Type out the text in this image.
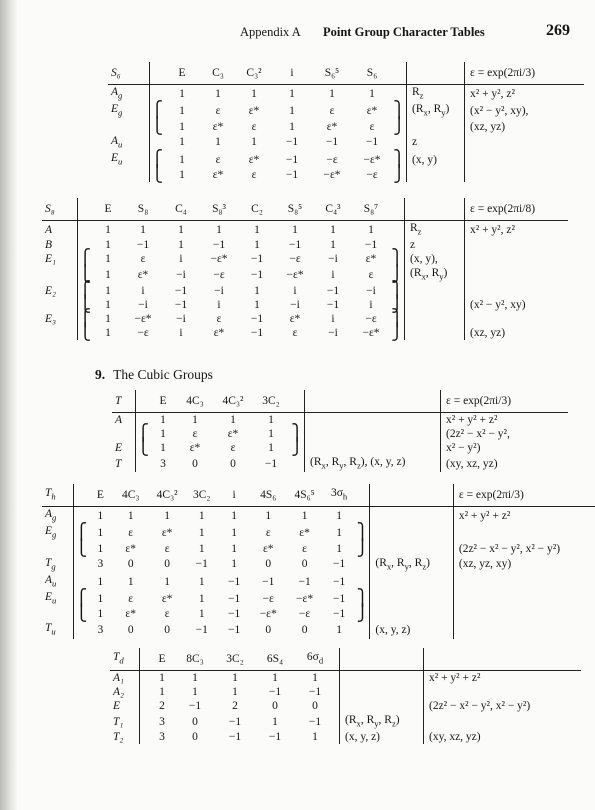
Appendix A Point Group Character Tables	269
S₆		E	C₃	C₃²	i	S₆⁵	S₆			ε = exp(2πi/3)
$A_g$		1	1	1	1	1	1		$R_z$	x² + y², z²
$E_g$	⎧	1	ε	ε*	1	ε	ε*	⎫	($R_x$, $R_y$)	(x² − y², xy),
	⎩	1	ε*	ε	1	ε*	ε	⎭		(xz, yz)
$A_u$		1	1	1	−1	−1	−1		z	
$E_u$	⎧	1	ε	ε*	−1	−ε	−ε*	⎫	(x, y)	
	⎩	1	ε*	ε	−1	−ε*	−ε	⎭		
S₈		E	S₈	C₄	S₈³	C₂	S₈⁵	C₄³	S₈⁷			ε = exp(2πi/8)
A		1	1	1	1	1	1	1	1		$R_z$	x² + y², z²
B		1	−1	1	−1	1	−1	1	−1		z	
E₁	⎧	1	ε	i	−ε*	−1	−ε	−i	ε*	⎫	(x, y),	
	⎩	1	ε*	−i	−ε	−1	−ε*	i	ε	⎭	($R_x$, $R_y$)	
E₂	⎧	1	i	−1	−i	1	i	−1	−i	⎫		
	⎩	1	−i	−1	i	1	−i	−1	i	⎭		(x² − y², xy)
E₃	⎧	1	−ε*	−i	ε	−1	ε*	i	−ε	⎫		
	⎩	1	−ε	i	ε*	−1	ε	−i	−ε*	⎭		(xz, yz)
9. The Cubic Groups
T		E	4C₃	4C₃²	3C₂			ε = exp(2πi/3)
A		1	1	1	1			x² + y² + z²
	⎧	1	ε	ε*	1	⎫		(2z² − x² − y²,
E	⎩	1	ε*	ε	1	⎭		x² − y²)
T		3	0	0	−1		($R_x$, $R_y$, $R_z$), (x, y, z)	(xy, xz, yz)
$T_h$		E	4C₃	4C₃²	3C₂	i	4S₆	4S₆⁵	$3\sigma_h$			ε = exp(2πi/3)
$A_g$		1	1	1	1	1	1	1	1			x² + y² + z²
$E_g$	⎧	1	ε	ε*	1	1	ε	ε*	1	⎫		
	⎩	1	ε*	ε	1	1	ε*	ε	1	⎭		(2z² − x² − y², x² − y²)
$T_g$		3	0	0	−1	1	0	0	−1		($R_x$, $R_y$, $R_z$)	(xz, yz, xy)
$A_u$		1	1	1	1	−1	−1	−1	−1			
$E_u$	⎧	1	ε	ε*	1	−1	−ε	−ε*	−1	⎫		
	⎩	1	ε*	ε	1	−1	−ε*	−ε	−1	⎭		
$T_u$		3	0	0	−1	−1	0	0	1		(x, y, z)	
$T_d$		E	8C₃	3C₂	6S₄	$6\sigma_d$			
A₁		1	1	1	1	1			x² + y² + z²
A₂		1	1	1	−1	−1			
E		2	−1	2	0	0			(2z² − x² − y², x² − y²)
T₁		3	0	−1	1	−1		($R_x$, $R_y$, $R_z$)	
T₂		3	0	−1	−1	1		(x, y, z)	(xy, xz, yz)
